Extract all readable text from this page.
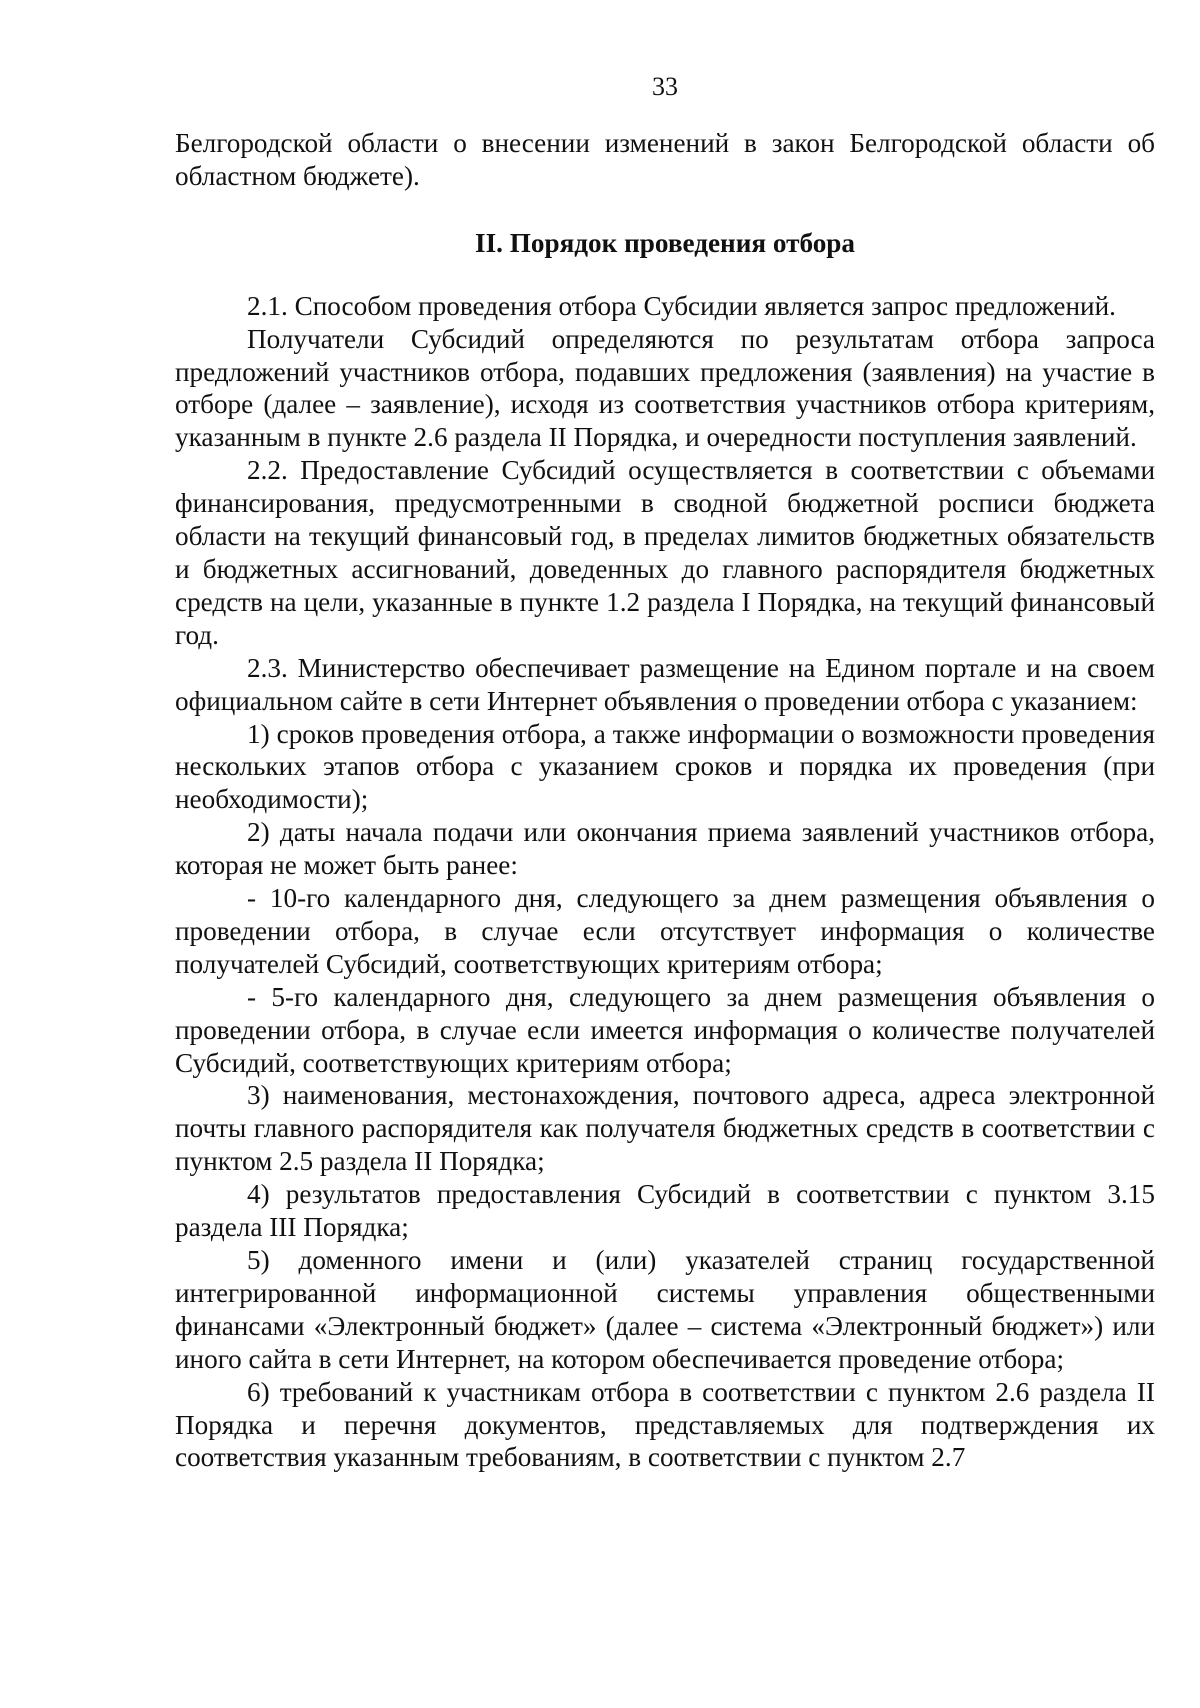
33

Белгородской области о внесении изменений в закон Белгородской области об областном бюджете).

II. Порядок проведения отбора

2.1. Способом проведения отбора Субсидии является запрос предложений.

Получатели Субсидий определяются по результатам отбора запроса предложений участников отбора, подавших предложения (заявления) на участие в отборе (далее – заявление), исходя из соответствия участников отбора критериям, указанным в пункте 2.6 раздела II Порядка, и очередности поступления заявлений.

2.2. Предоставление Субсидий осуществляется в соответствии с объемами финансирования, предусмотренными в сводной бюджетной росписи бюджета области на текущий финансовый год, в пределах лимитов бюджетных обязательств и бюджетных ассигнований, доведенных до главного распорядителя бюджетных средств на цели, указанные в пункте 1.2 раздела I Порядка, на текущий финансовый год.

2.3. Министерство обеспечивает размещение на Едином портале и на своем официальном сайте в сети Интернет объявления о проведении отбора с указанием:

1) сроков проведения отбора, а также информации о возможности проведения нескольких этапов отбора с указанием сроков и порядка их проведения (при необходимости);

2) даты начала подачи или окончания приема заявлений участников отбора, которая не может быть ранее:

- 10-го календарного дня, следующего за днем размещения объявления о проведении отбора, в случае если отсутствует информация о количестве получателей Субсидий, соответствующих критериям отбора;

- 5-го календарного дня, следующего за днем размещения объявления о проведении отбора, в случае если имеется информация о количестве получателей Субсидий, соответствующих критериям отбора;

3) наименования, местонахождения, почтового адреса, адреса электронной почты главного распорядителя как получателя бюджетных средств в соответствии с пунктом 2.5 раздела II Порядка;

4) результатов предоставления Субсидий в соответствии с пунктом 3.15 раздела III Порядка;

5) доменного имени и (или) указателей страниц государственной интегрированной информационной системы управления общественными финансами «Электронный бюджет» (далее – система «Электронный бюджет») или иного сайта в сети Интернет, на котором обеспечивается проведение отбора;

6) требований к участникам отбора в соответствии с пунктом 2.6 раздела II Порядка и перечня документов, представляемых для подтверждения их соответствия указанным требованиям, в соответствии с пунктом 2.7
